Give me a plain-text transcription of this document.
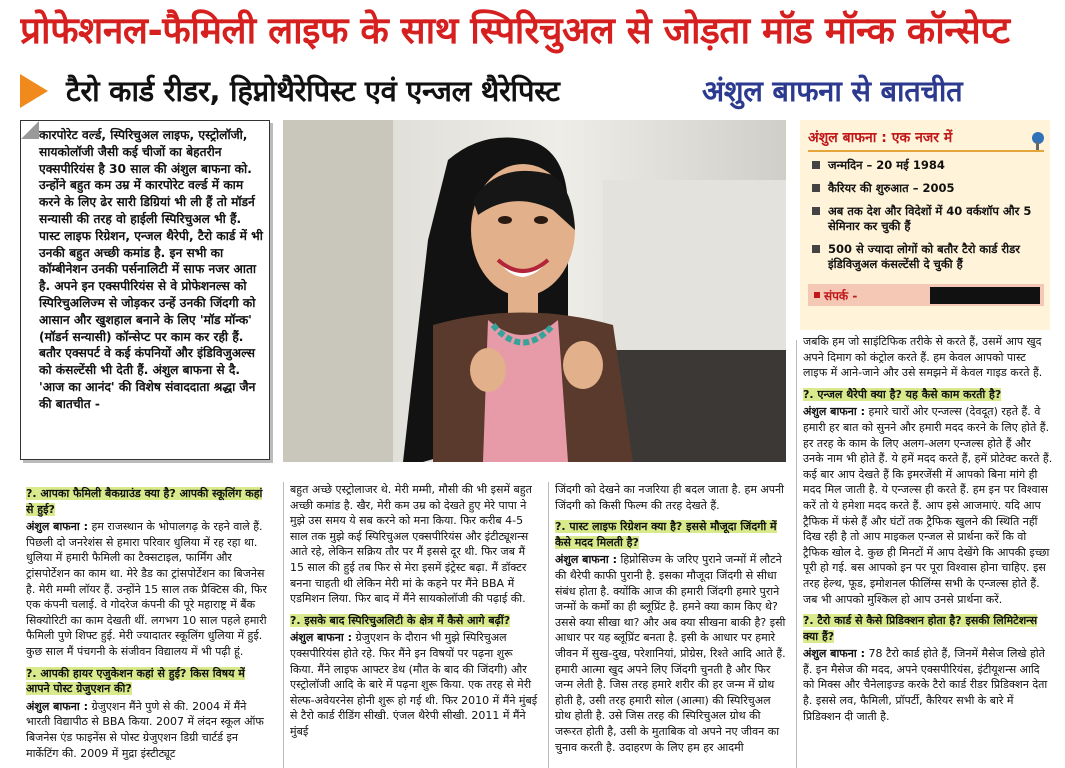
प्रोफेशनल-फैमिली लाइफ के साथ स्पिरिचुअल से जोड़ता मॉड मॉन्क कॉन्सेप्ट
टैरो कार्ड रीडर, हिप्नोथैरेपिस्ट एवं एन्जल थैरेपिस्ट	अंशुल बाफना से बातचीत
कारपोरेट वर्ल्ड, स्पिरिचुअल लाइफ, एस्ट्रोलॉजी, सायकोलॉजी जैसी कई चीजों का बेहतरीन एक्सपीरियंस है 30 साल की अंशुल बाफना को. उन्होंने बहुत कम उम्र में कारपोरेट वर्ल्ड में काम करने के लिए ढेर सारी डिग्रियां भी ली हैं तो मॉडर्न सन्यासी की तरह वो हाईली स्पिरिचुअल भी हैं. पास्ट लाइफ रिग्रेशन, एन्जल थैरेपी, टैरो कार्ड में भी उनकी बहुत अच्छी कमांड है. इन सभी का कॉम्बीनेशन उनकी पर्सनालिटी में साफ नजर आता है. अपने इन एक्सपीरियंस से वे प्रोफेशनल्स को स्पिरिचुअलिज्म से जोड़कर उन्हें उनकी जिंदगी को आसान और खुशहाल बनाने के लिए 'मॉड मॉन्क' (मॉडर्न सन्यासी) कॉन्सेप्ट पर काम कर रही हैं. बतौर एक्सपर्ट वे कई कंपनियों और इंडिविजुअल्स को कंसल्टेंसी भी देती हैं. अंशुल बाफना से दै. 'आज का आनंद' की विशेष संवाददाता श्रद्धा जैन की बातचीत -
अंशुल बाफना : एक नजर में
जन्मदिन – 20 मई 1984
कैरियर की शुरुआत – 2005
अब तक देश और विदेशों में 40 वर्कशॉप और 5 सेमिनार कर चुकी हैं
500 से ज्यादा लोगों को बतौर टैरो कार्ड रीडर इंडिविजुअल कंसल्टेंसी दे चुकी हैं
संपर्क -
?. आपका फैमिली बैकग्राउंड क्या है? आपकी स्कूलिंग कहां से हुई?

अंशुल बाफना : हम राजस्थान के भोपालगढ़ के रहने वाले हैं. पिछली दो जनरेशंस से हमारा परिवार धुलिया में रह रहा था. धुलिया में हमारी फैमिली का टैक्सटाइल, फार्मिंग और ट्रांसपोर्टेशन का काम था. मेरे डैड का ट्रांसपोर्टेशन का बिजनेस है. मेरी मम्मी लॉयर हैं. उन्होंने 15 साल तक प्रैक्टिस की, फिर एक कंपनी चलाई. वे गोदरेज कंपनी की पूरे महाराष्ट्र में बैंक सिक्योरिटी का काम देखती थीं. लगभग 10 साल पहले हमारी फैमिली पुणे शिफ्ट हुई. मेरी ज्यादातर स्कूलिंग धुलिया में हुई. कुछ साल मैं पंचगनी के संजीवन विद्यालय में भी पढ़ी हूं.

?. आपकी हायर एजुकेशन कहां से हुई? किस विषय में आपने पोस्ट ग्रेजुएशन की?

अंशुल बाफना : ग्रेजुएशन मैंने पुणे से की. 2004 में मैंने भारती विद्यापीठ से BBA किया. 2007 में लंदन स्कूल ऑफ बिजनेस एंड फाइनेंस से पोस्ट ग्रेजुएशन डिग्री चार्टर्ड इन मार्केटिंग की. 2009 में मुद्रा इंस्टीट्यूट

बहुत अच्छे एस्ट्रोलाजर थे. मेरी मम्मी, मौसी की भी इसमें बहुत अच्छी कमांड है. खैर, मेरी कम उम्र को देखते हुए मेरे पापा ने मुझे उस समय ये सब करने को मना किया. फिर करीब 4-5 साल तक मुझे कई स्पिरिचुअल एक्सपीरियंस और इंटीट्यूशन्स आते रहे, लेकिन सक्रिय तौर पर मैं इससे दूर थी. फिर जब मैं 15 साल की हुई तब फिर से मेरा इसमें इंट्रेस्ट बढ़ा. मैं डॉक्टर बनना चाहती थी लेकिन मेरी मां के कहने पर मैंने BBA में एडमिशन लिया. फिर बाद में मैंने सायकोलॉजी की पढ़ाई की.

?. इसके बाद स्पिरिचुअलिटी के क्षेत्र में कैसे आगे बढ़ीं?

अंशुल बाफना : ग्रेजुएशन के दौरान भी मुझे स्पिरिचुअल एक्सपीरियंस होते रहे. फिर मैंने इन विषयों पर पढ़ना शुरू किया. मैंने लाइफ आफ्टर डेथ (मौत के बाद की जिंदगी) और एस्ट्रोलॉजी आदि के बारे में पढ़ना शुरू किया. एक तरह से मेरी सेल्फ-अवेयरनेस होनी शुरू हो गई थी. फिर 2010 में मैंने मुंबई से टैरो कार्ड रीडिंग सीखी. एंजल थैरेपी सीखी. 2011 में मैंने मुंबई

जिंदगी को देखने का नजरिया ही बदल जाता है. हम अपनी जिंदगी को किसी फिल्म की तरह देखते हैं.

?. पास्ट लाइफ रिग्रेशन क्या है? इससे मौजूदा जिंदगी में कैसे मदद मिलती है?

अंशुल बाफना : हिप्नोसिज्म के जरिए पुराने जन्मों में लौटने की थैरेपी काफी पुरानी है. इसका मौजूदा जिंदगी से सीधा संबंध होता है. क्योंकि आज की हमारी जिंदगी हमारे पुराने जन्मों के कर्मों का ही ब्लूप्रिंट है. हमने क्या काम किए थे? उससे क्या सीखा था? और अब क्या सीखना बाकी है? इसी आधार पर यह ब्लूप्रिंट बनता है. इसी के आधार पर हमारे जीवन में सुख-दुख, परेशानियां, प्रोग्रेस, रिश्ते आदि आते हैं. हमारी आत्मा खुद अपने लिए जिंदगी चुनती है और फिर जन्म लेती है. जिस तरह हमारे शरीर की हर जन्म में ग्रोथ होती है, उसी तरह हमारी सोल (आत्मा) की स्पिरिचुअल ग्रोथ होती है. उसे जिस तरह की स्पिरिचुअल ग्रोथ की जरूरत होती है, उसी के मुताबिक वो अपने नए जीवन का चुनाव करती है. उदाहरण के लिए हम हर आदमी

जबकि हम जो साइंटिफिक तरीके से करते हैं, उसमें आप खुद अपने दिमाग को कंट्रोल करते हैं. हम केवल आपको पास्ट लाइफ में आने-जाने और उसे समझने में केवल गाइड करते हैं.

?. एन्जल थैरेपी क्या है? यह कैसे काम करती है?

अंशुल बाफना : हमारे चारों ओर एन्जल्स (देवदूत) रहते हैं. वे हमारी हर बात को सुनने और हमारी मदद करने के लिए होते हैं. हर तरह के काम के लिए अलग-अलग एन्जल्स होते हैं और उनके नाम भी होते हैं. ये हमें मदद करते हैं, हमें प्रोटेक्ट करते हैं. कई बार आप देखते हैं कि इमरजेंसी में आपको बिना मांगे ही मदद मिल जाती है. ये एन्जल्स ही करते हैं. हम इन पर विश्वास करें तो ये हमेशा मदद करते हैं. आप इसे आजमाएं. यदि आप ट्रैफिक में फंसे हैं और घंटों तक ट्रैफिक खुलने की स्थिति नहीं दिख रही है तो आप माइकल एन्जल से प्रार्थना करें कि वो ट्रैफिक खोल दे. कुछ ही मिनटों में आप देखेंगे कि आपकी इच्छा पूरी हो गई. बस आपको इन पर पूरा विश्वास होना चाहिए. इस तरह हेल्थ, फूड, इमोशनल फीलिंग्स सभी के एन्जल्स होते हैं. जब भी आपको मुश्किल हो आप उनसे प्रार्थना करें.

?. टैरो कार्ड से कैसे प्रिडिक्शन होता है? इसकी लिमिटेशन्स क्या हैं?

अंशुल बाफना : 78 टैरो कार्ड होते हैं, जिनमें मैसेज लिखे होते हैं. इन मैसेज की मदद, अपने एक्सपीरियंस, इंटीयूशन्स आदि को मिक्स और चैनेलाइज्ड करके टैरो कार्ड रीडर प्रिडिक्शन देता है. इससे लव, फैमिली, प्रॉपर्टी, कैरियर सभी के बारे में प्रिडिक्शन दी जाती है.
